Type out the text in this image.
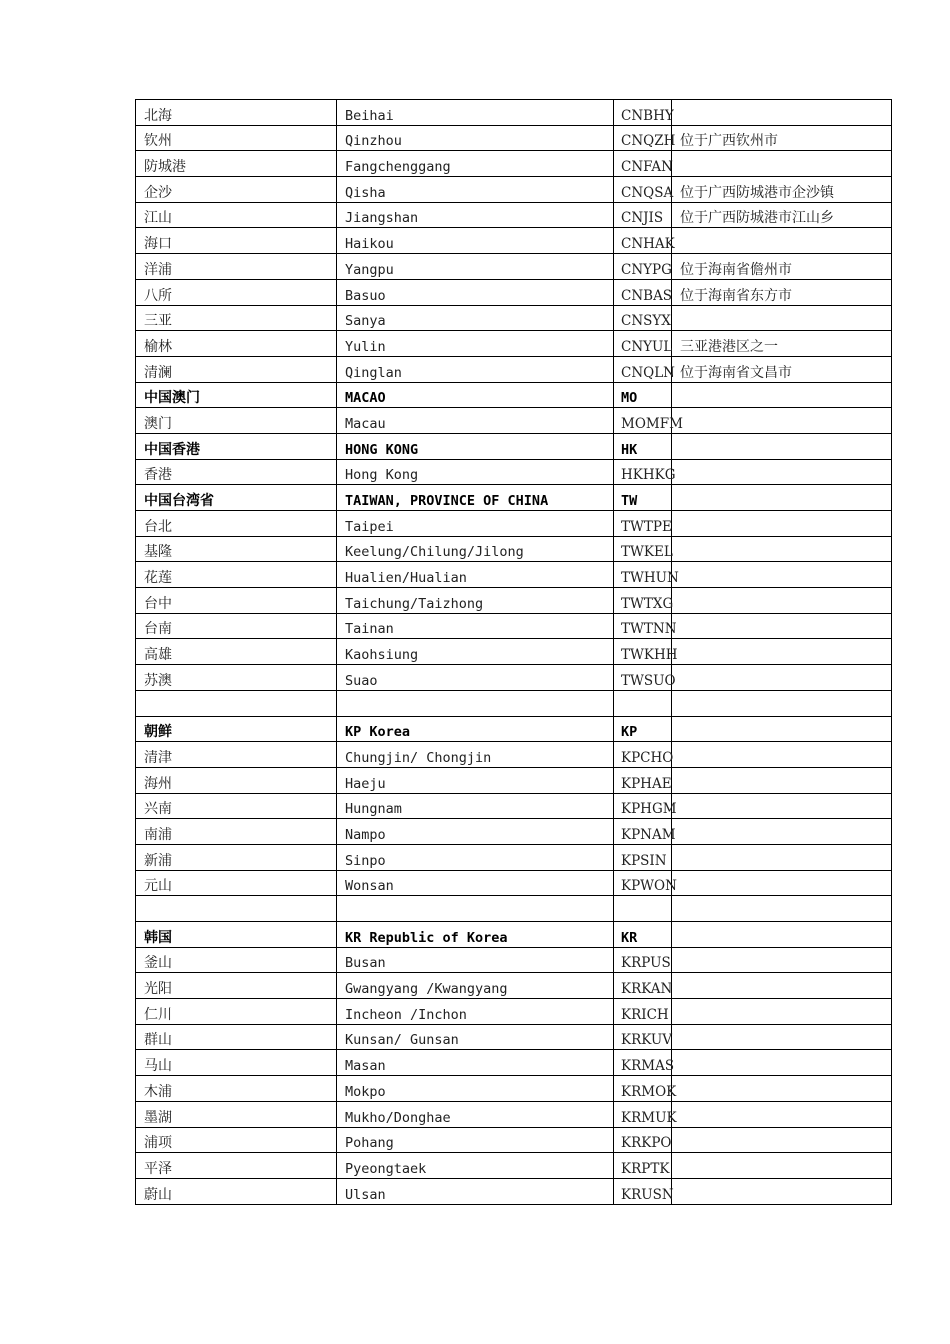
北海	Beihai	CNBHY	
钦州	Qinzhou	CNQZH	位于广西钦州市
防城港	Fangchenggang	CNFAN	
企沙	Qisha	CNQSA	位于广西防城港市企沙镇
江山	Jiangshan	CNJIS	位于广西防城港市江山乡
海口	Haikou	CNHAK	
洋浦	Yangpu	CNYPG	位于海南省儋州市
八所	Basuo	CNBAS	位于海南省东方市
三亚	Sanya	CNSYX	
榆林	Yulin	CNYUL	三亚港港区之一
清澜	Qinglan	CNQLN	位于海南省文昌市
中国澳门	MACAO	MO	
澳门	Macau	MOMFM	
中国香港	HONG KONG	HK	
香港	Hong Kong	HKHKG	
中国台湾省	TAIWAN, PROVINCE OF CHINA	TW	
台北	Taipei	TWTPE	
基隆	Keelung/Chilung/Jilong	TWKEL	
花莲	Hualien/Hualian	TWHUN	
台中	Taichung/Taizhong	TWTXG	
台南	Tainan	TWTNN	
高雄	Kaohsiung	TWKHH	
苏澳	Suao	TWSUO	

朝鲜	KP Korea	KP	
清津	Chungjin/ Chongjin	KPCHO	
海州	Haeju	KPHAE	
兴南	Hungnam	KPHGM	
南浦	Nampo	KPNAM	
新浦	Sinpo	KPSIN	
元山	Wonsan	KPWON	

韩国	KR Republic of Korea	KR	
釜山	Busan	KRPUS	
光阳	Gwangyang /Kwangyang	KRKAN	
仁川	Incheon /Inchon	KRICH	
群山	Kunsan/ Gunsan	KRKUV	
马山	Masan	KRMAS	
木浦	Mokpo	KRMOK	
墨湖	Mukho/Donghae	KRMUK	
浦项	Pohang	KRKPO	
平泽	Pyeongtaek	KRPTK	
蔚山	Ulsan	KRUSN	
